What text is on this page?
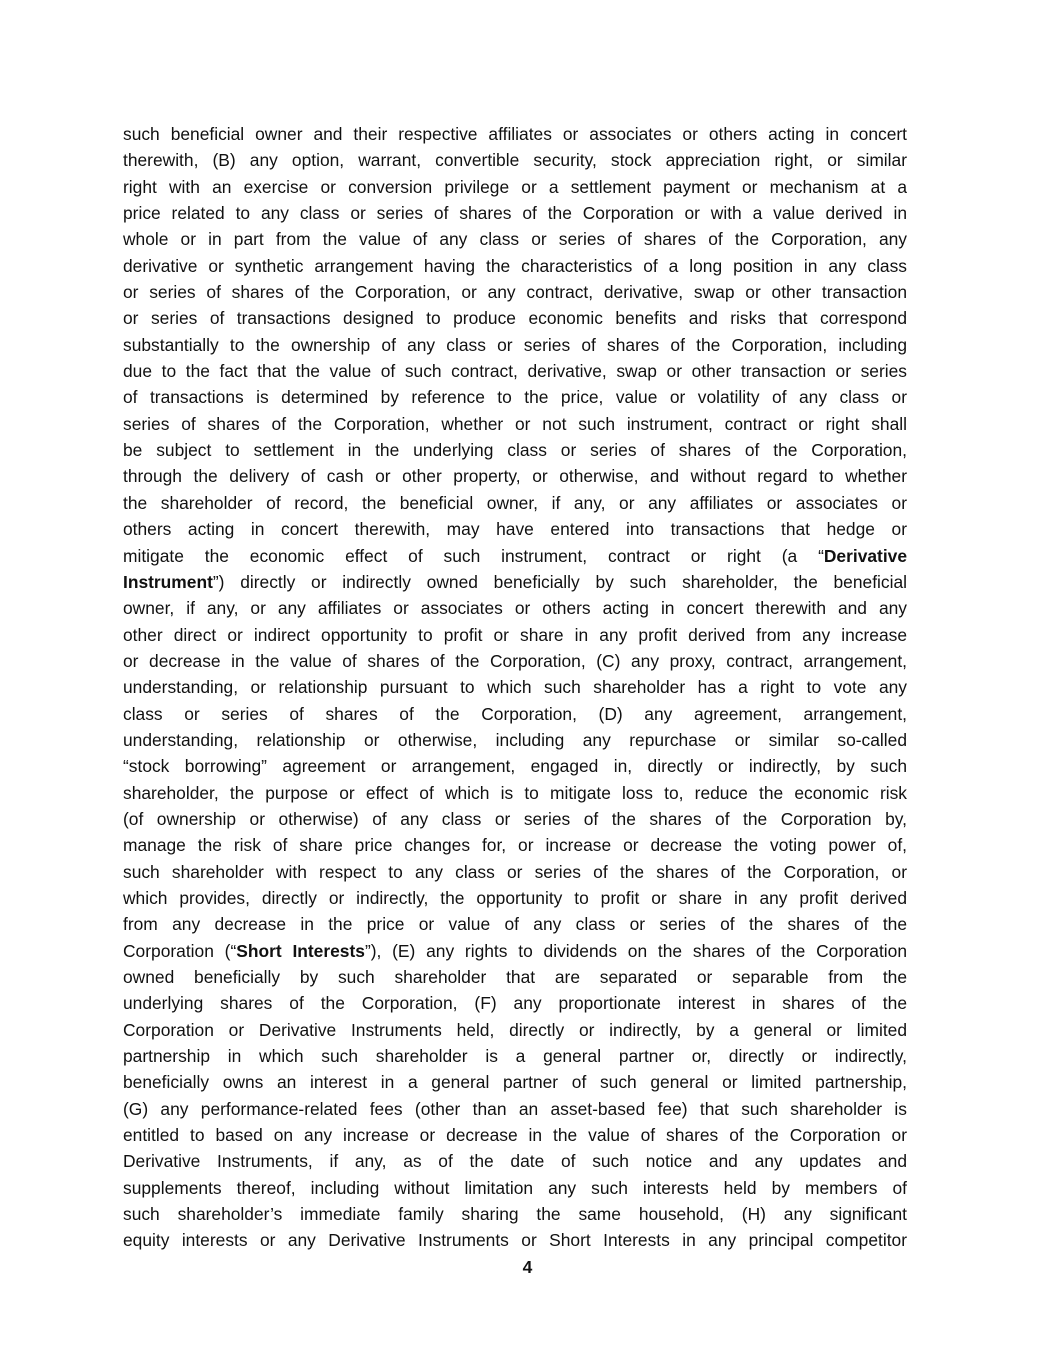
such beneficial owner and their respective affiliates or associates or others acting in concert
therewith, (B) any option, warrant, convertible security, stock appreciation right, or similar
right with an exercise or conversion privilege or a settlement payment or mechanism at a
price related to any class or series of shares of the Corporation or with a value derived in
whole or in part from the value of any class or series of shares of the Corporation, any
derivative or synthetic arrangement having the characteristics of a long position in any class
or series of shares of the Corporation, or any contract, derivative, swap or other transaction
or series of transactions designed to produce economic benefits and risks that correspond
substantially to the ownership of any class or series of shares of the Corporation, including
due to the fact that the value of such contract, derivative, swap or other transaction or series
of transactions is determined by reference to the price, value or volatility of any class or
series of shares of the Corporation, whether or not such instrument, contract or right shall
be subject to settlement in the underlying class or series of shares of the Corporation,
through the delivery of cash or other property, or otherwise, and without regard to whether
the shareholder of record, the beneficial owner, if any, or any affiliates or associates or
others acting in concert therewith, may have entered into transactions that hedge or
mitigate the economic effect of such instrument, contract or right (a “Derivative
Instrument”) directly or indirectly owned beneficially by such shareholder, the beneficial
owner, if any, or any affiliates or associates or others acting in concert therewith and any
other direct or indirect opportunity to profit or share in any profit derived from any increase
or decrease in the value of shares of the Corporation, (C) any proxy, contract, arrangement,
understanding, or relationship pursuant to which such shareholder has a right to vote any
class or series of shares of the Corporation, (D) any agreement, arrangement,
understanding, relationship or otherwise, including any repurchase or similar so-called
“stock borrowing” agreement or arrangement, engaged in, directly or indirectly, by such
shareholder, the purpose or effect of which is to mitigate loss to, reduce the economic risk
(of ownership or otherwise) of any class or series of the shares of the Corporation by,
manage the risk of share price changes for, or increase or decrease the voting power of,
such shareholder with respect to any class or series of the shares of the Corporation, or
which provides, directly or indirectly, the opportunity to profit or share in any profit derived
from any decrease in the price or value of any class or series of the shares of the
Corporation (“Short Interests”), (E) any rights to dividends on the shares of the Corporation
owned beneficially by such shareholder that are separated or separable from the
underlying shares of the Corporation, (F) any proportionate interest in shares of the
Corporation or Derivative Instruments held, directly or indirectly, by a general or limited
partnership in which such shareholder is a general partner or, directly or indirectly,
beneficially owns an interest in a general partner of such general or limited partnership,
(G) any performance-related fees (other than an asset-based fee) that such shareholder is
entitled to based on any increase or decrease in the value of shares of the Corporation or
Derivative Instruments, if any, as of the date of such notice and any updates and
supplements thereof, including without limitation any such interests held by members of
such shareholder’s immediate family sharing the same household, (H) any significant
equity interests or any Derivative Instruments or Short Interests in any principal competitor
4
